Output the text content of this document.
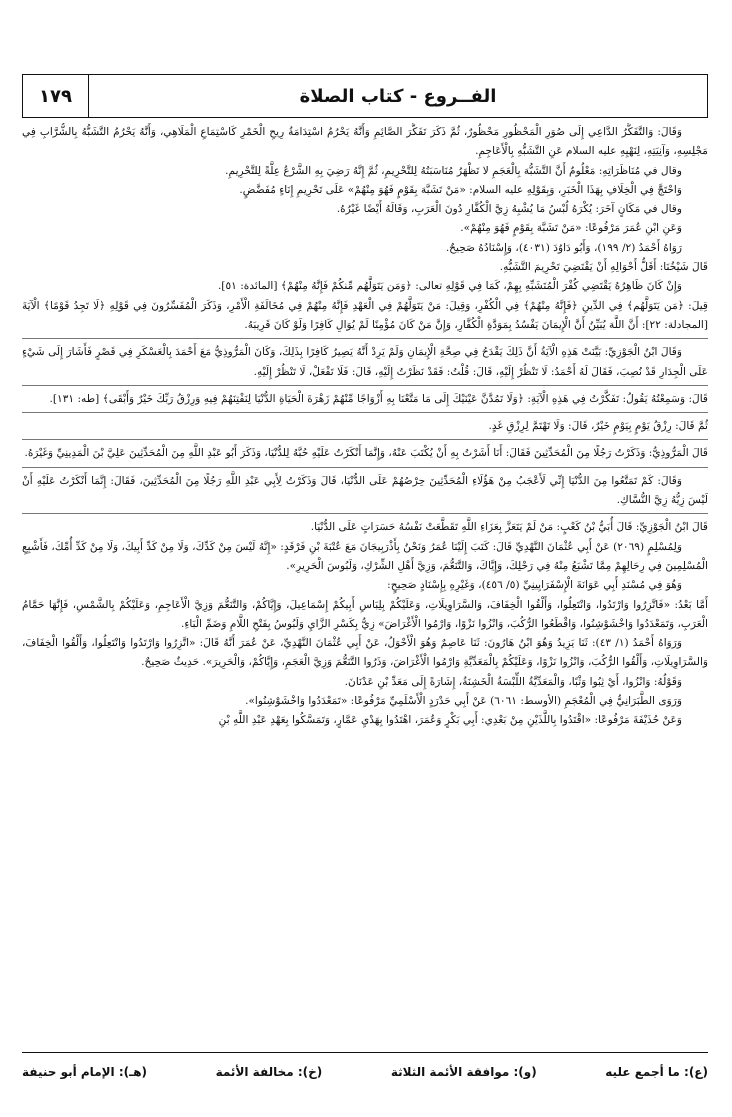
الفــروع - كتاب الصلاة
١٧٩

وَقَالَ: وَالتَّفَكُّرُ الدَّاعِي إِلَى صُوَرِ الْمَحْظُورِ مَحْظُورٌ، ثُمَّ ذَكَرَ تَفَكُّرَ الصَّائِمِ وَأَنَّهُ يَحْرُمُ اسْتِدَامَةُ رِيحِ الْخَمْرِ كَاسْتِمَاعِ الْمَلَاهِي، وَأَنَّهُ يَحْرُمُ التَّشَبُّهُ بِالشُّرَّابِ فِي مَجْلِسِهِ، وَآنِيَتِهِ، لِنَهْيِهِ عليه السلام عَنِ التَّشَبُّهِ بِالْأَعَاجِمِ.

وقال في مُنَاظَرَاتِهِ: مَعْلُومٌ أَنَّ التَّشَبُّهَ بِالْعَجَمِ لا تَظْهَرُ مُنَاسَبَتُهُ لِلتَّحْرِيمِ، ثُمَّ إِنَّهُ رَضِيَ بِهِ الشَّرْعُ عِلَّةً لِلتَّحْرِيمِ.

وَاحْتَجَّ فِي الْخِلَافِ بِهَذَا الْخَبَرِ، وَبِقَوْلِهِ عليه السلام: «مَنْ تَشَبَّهَ بِقَوْمٍ فَهُوَ مِنْهُمْ» عَلَى تَحْرِيمِ إِنَاءٍ مُفَضَّضٍ.

وقال في مَكَانٍ آخَرَ: يُكْرَهُ لُبْسُ مَا يُشْبِهُ زِيَّ الْكُفَّارِ دُونَ الْعَرَبِ، وَقَالَهُ أَيْضًا غَيْرُهُ.

وَعَنِ ابْنِ عُمَرَ مَرْفُوعًا: «مَنْ تَشَبَّهَ بِقَوْمٍ فَهُوَ مِنْهُمْ».

رَوَاهُ أَحْمَدُ (٢/ ١٩٩)، وَأَبُو دَاوُدَ (٤٠٣١)، وَإِسْنَادُهُ صَحِيحٌ.

قَالَ شَيْخُنَا: أَقَلُّ أَحْوَالِهِ أَنْ يَقْتَضِيَ تَحْرِيمَ التَّشَبُّهِ.

وَإِنْ كَانَ ظَاهِرُهُ يَقْتَضِي كُفْرَ الْمُتَشَبِّهِ بِهِمْ، كَمَا فِي قَوْلِهِ تعالى: ﴿وَمَن يَتَوَلَّهُم مِّنكُمْ فَإِنَّهُ مِنْهُمْ﴾ [المائدة: ٥١].

قِيلَ: ﴿مَن يَتَوَلَّهُم﴾ فِي الدِّينِ ﴿فَإِنَّهُ مِنْهُمْ﴾ فِي الْكُفْرِ، وَقِيلَ: مَنْ يَتَوَلَّهُمْ فِي الْعَهْدِ فَإِنَّهُ مِنْهُمْ فِي مُخَالَفَةِ الْأَمْرِ، وَذَكَرَ الْمُفَسِّرُونَ فِي قَوْلِهِ ﴿لَا تَجِدُ قَوْمًا﴾ الْآيَةَ [المجادلة: ٢٢]: أَنَّ اللَّهَ يُبَيِّنُ أَنَّ الْإِيمَانَ يَفْسُدُ بِمَوَدَّةِ الْكُفَّارِ، وَإِنَّ مَنْ كَانَ مُؤْمِنًا لَمْ يُوَالِ كَافِرًا وَلَوْ كَانَ قَرِيبَهُ.

وَقَالَ ابْنُ الْجَوْزِيِّ: بَيَّنَتْ هَذِهِ الْآيَةُ أَنَّ ذَلِكَ يَقْدَحُ فِي صِحَّةِ الْإِيمَانِ وَلَمْ يَرِدْ أَنَّهُ يَصِيرُ كَافِرًا بِذَلِكَ، وَكَانَ الْمَرُّوذِيُّ مَعَ أَحْمَدَ بِالْعَسْكَرِ فِي قَصْرٍ فَأَشَارَ إِلَى شَيْءٍ عَلَى الْجِدَارِ قَدْ نُصِبَ، فَقَالَ لَهُ أَحْمَدُ: لَا تَنْظُرْ إِلَيْهِ، قَالَ: قُلْتُ: فَقَدْ نَظَرْتُ إِلَيْهِ، قَالَ: فَلَا تَفْعَلْ، لَا تَنْظُرْ إِلَيْهِ.

قَالَ: وَسَمِعْتُهُ يَقُولُ: تَفَكَّرْتُ فِي هَذِهِ الْآيَةِ: ﴿وَلَا تَمُدَّنَّ عَيْنَيْكَ إِلَى مَا مَتَّعْنَا بِهِ أَزْوَاجًا مِّنْهُمْ زَهْرَةَ الْحَيَاةِ الدُّنْيَا لِنَفْتِنَهُمْ فِيهِ وَرِزْقُ رَبِّكَ خَيْرٌ وَأَبْقَى﴾ [طه: ١٣١].

ثُمَّ قَالَ: رِزْقُ يَوْمٍ بِيَوْمٍ خَيْرٌ، قَالَ: وَلَا تَهْتَمَّ لِرِزْقِ غَدٍ.

قَالَ الْمَرُّوذِيُّ: وَذَكَرْتُ رَجُلًا مِنَ الْمُحَدِّثِينَ فَقَالَ: أَنَا أَشَرْتُ بِهِ أَنْ يُكْتَبَ عَنْهُ، وَإِنَّمَا أَنْكَرْتُ عَلَيْهِ حُبَّهُ لِلدُّنْيَا، وَذَكَرَ أَبُو عَبْدِ اللَّهِ مِنَ الْمُحَدِّثِينَ عَلِيَّ بْنَ الْمَدِينِيِّ وَغَيْرَهُ.

وَقَالَ: كَمْ تَمَتَّعُوا مِنَ الدُّنْيَا إِنِّي لَأَعْجَبُ مِنْ هَؤُلَاءِ الْمُحَدِّثِينَ حِرْصُهُمْ عَلَى الدُّنْيَا، قَالَ وَذَكَرْتُ لِأَبِي عَبْدِ اللَّهِ رَجُلًا مِنَ الْمُحَدِّثِينَ، فَقَالَ: إِنَّمَا أَنْكَرْتُ عَلَيْهِ أَنْ لَيْسَ زِيُّهُ زِيَّ النُّسَّاكِ.

قَالَ ابْنُ الْجَوْزِيِّ: قَالَ أُبَيُّ بْنُ كَعْبٍ: مَنْ لَمْ يَتَعَزَّ بِعَزَاءِ اللَّهِ تَقَطَّعَتْ نَفْسُهُ حَسَرَاتٍ عَلَى الدُّنْيَا.

وَلِمُسْلِمٍ (٢٠٦٩) عَنْ أَبِي عُثْمَانَ النَّهْدِيِّ قَالَ: كَتَبَ إِلَيْنَا عُمَرُ وَنَحْنُ بِأَذْرَبِيجَانَ مَعَ عُتْبَةَ بْنِ فَرْقَدٍ: «إِنَّهُ لَيْسَ مِنْ كَدِّكَ، وَلَا مِنْ كَدِّ أَبِيكَ، وَلَا مِنْ كَدِّ أُمِّكَ، فَأَشْبِعِ الْمُسْلِمِينَ فِي رِحَالِهِمْ مِمَّا تَشْبَعُ مِنْهُ فِي رَحْلِكَ، وَإِيَّاكَ، وَالتَّنَعُّمَ، وَزِيَّ أَهْلِ الشِّرْكِ، وَلَبُوسَ الْحَرِيرِ».

وَهُوَ فِي مُسْنَدِ أَبِي عَوَانَةَ الْإِسْفَرَايِينِيِّ (٥/ ٤٥٦)، وَغَيْرِهِ بِإِسْنَادٍ صَحِيحٍ:

أَمَّا بَعْدُ: «فَاتَّزِرُوا وَارْتَدُوا، وَانْتَعِلُوا، وَأَلْقُوا الْخِفَافَ، وَالسَّرَاوِيلَاتِ، وَعَلَيْكُمْ بِلِبَاسِ أَبِيكُمْ إِسْمَاعِيلَ، وَإِيَّاكُمْ، وَالتَّنَعُّمَ وَزِيَّ الْأَعَاجِمِ، وَعَلَيْكُمْ بِالشَّمْسِ، فَإِنَّهَا حَمَّامُ الْعَرَبِ، وَتَمَعْدَدُوا وَاخْشَوْشِنُوا، وَاقْطَعُوا الرُّكُبَ، وَانْزُوا نَزْوًا، وَارْمُوا الْأَغْرَاضَ» زِيُّ بِكَسْرِ الزَّايِ وَلَبُوسُ بِفَتْحِ اللَّامِ وَضَمِّ الْبَاءِ.

وَرَوَاهُ أَحْمَدُ (١/ ٤٣): ثَنَا يَزِيدُ وَهُوَ ابْنُ هَارُونَ: ثَنَا عَاصِمٌ وَهُوَ الْأَحْوَلُ، عَنْ أَبِي عُثْمَانَ النَّهْدِيِّ، عَنْ عُمَرَ أَنَّهُ قَالَ: «اتَّزِرُوا وَارْتَدُوا وَانْتَعِلُوا، وَأَلْقُوا الْخِفَافَ، وَالسَّرَاوِيلَاتِ، وَأَلْقُوا الرُّكُبَ، وَانْزُوا نَزْوًا، وَعَلَيْكُمْ بِالْمَعَدِّيَّةِ وَارْمُوا الْأَغْرَاضَ، وَذَرُوا التَّنَعُّمَ وَزِيَّ الْعَجَمِ، وَإِيَّاكُمْ، وَالْحَرِيرَ». حَدِيثٌ صَحِيحٌ.

وَقَوْلُهُ: وَانْزُوا، أَيْ ثِبُوا وَثْبًا، وَالْمَعَدِّيَّةُ اللِّبْسَةُ الْخَشِنَةُ، إِشَارَةً إِلَى مَعَدِّ بْنِ عَدْنَانَ.

وَرَوَى الطَّبَرَانِيُّ فِي الْمُعْجَمِ (الأوسط: ٦٠٦١) عَنْ أَبِي حَدْرَدٍ الْأَسْلَمِيِّ مَرْفُوعًا: «تَمَعْدَدُوا وَاخْشَوْشِنُوا».

وَعَنْ حُذَيْفَةَ مَرْفُوعًا: «اقْتَدُوا بِاللَّذَيْنِ مِنْ بَعْدِي: أَبِي بَكْرٍ وَعُمَرَ، اهْتَدُوا بِهَدْيِ عَمَّارٍ، وَتَمَسَّكُوا بِعَهْدِ عَبْدِ اللَّهِ بْنِ

(ع): ما أجمع عليه
(و): موافقة الأئمة الثلاثة
(خ): مخالفة الأئمة
(هـ): الإمام أبو حنيفة
